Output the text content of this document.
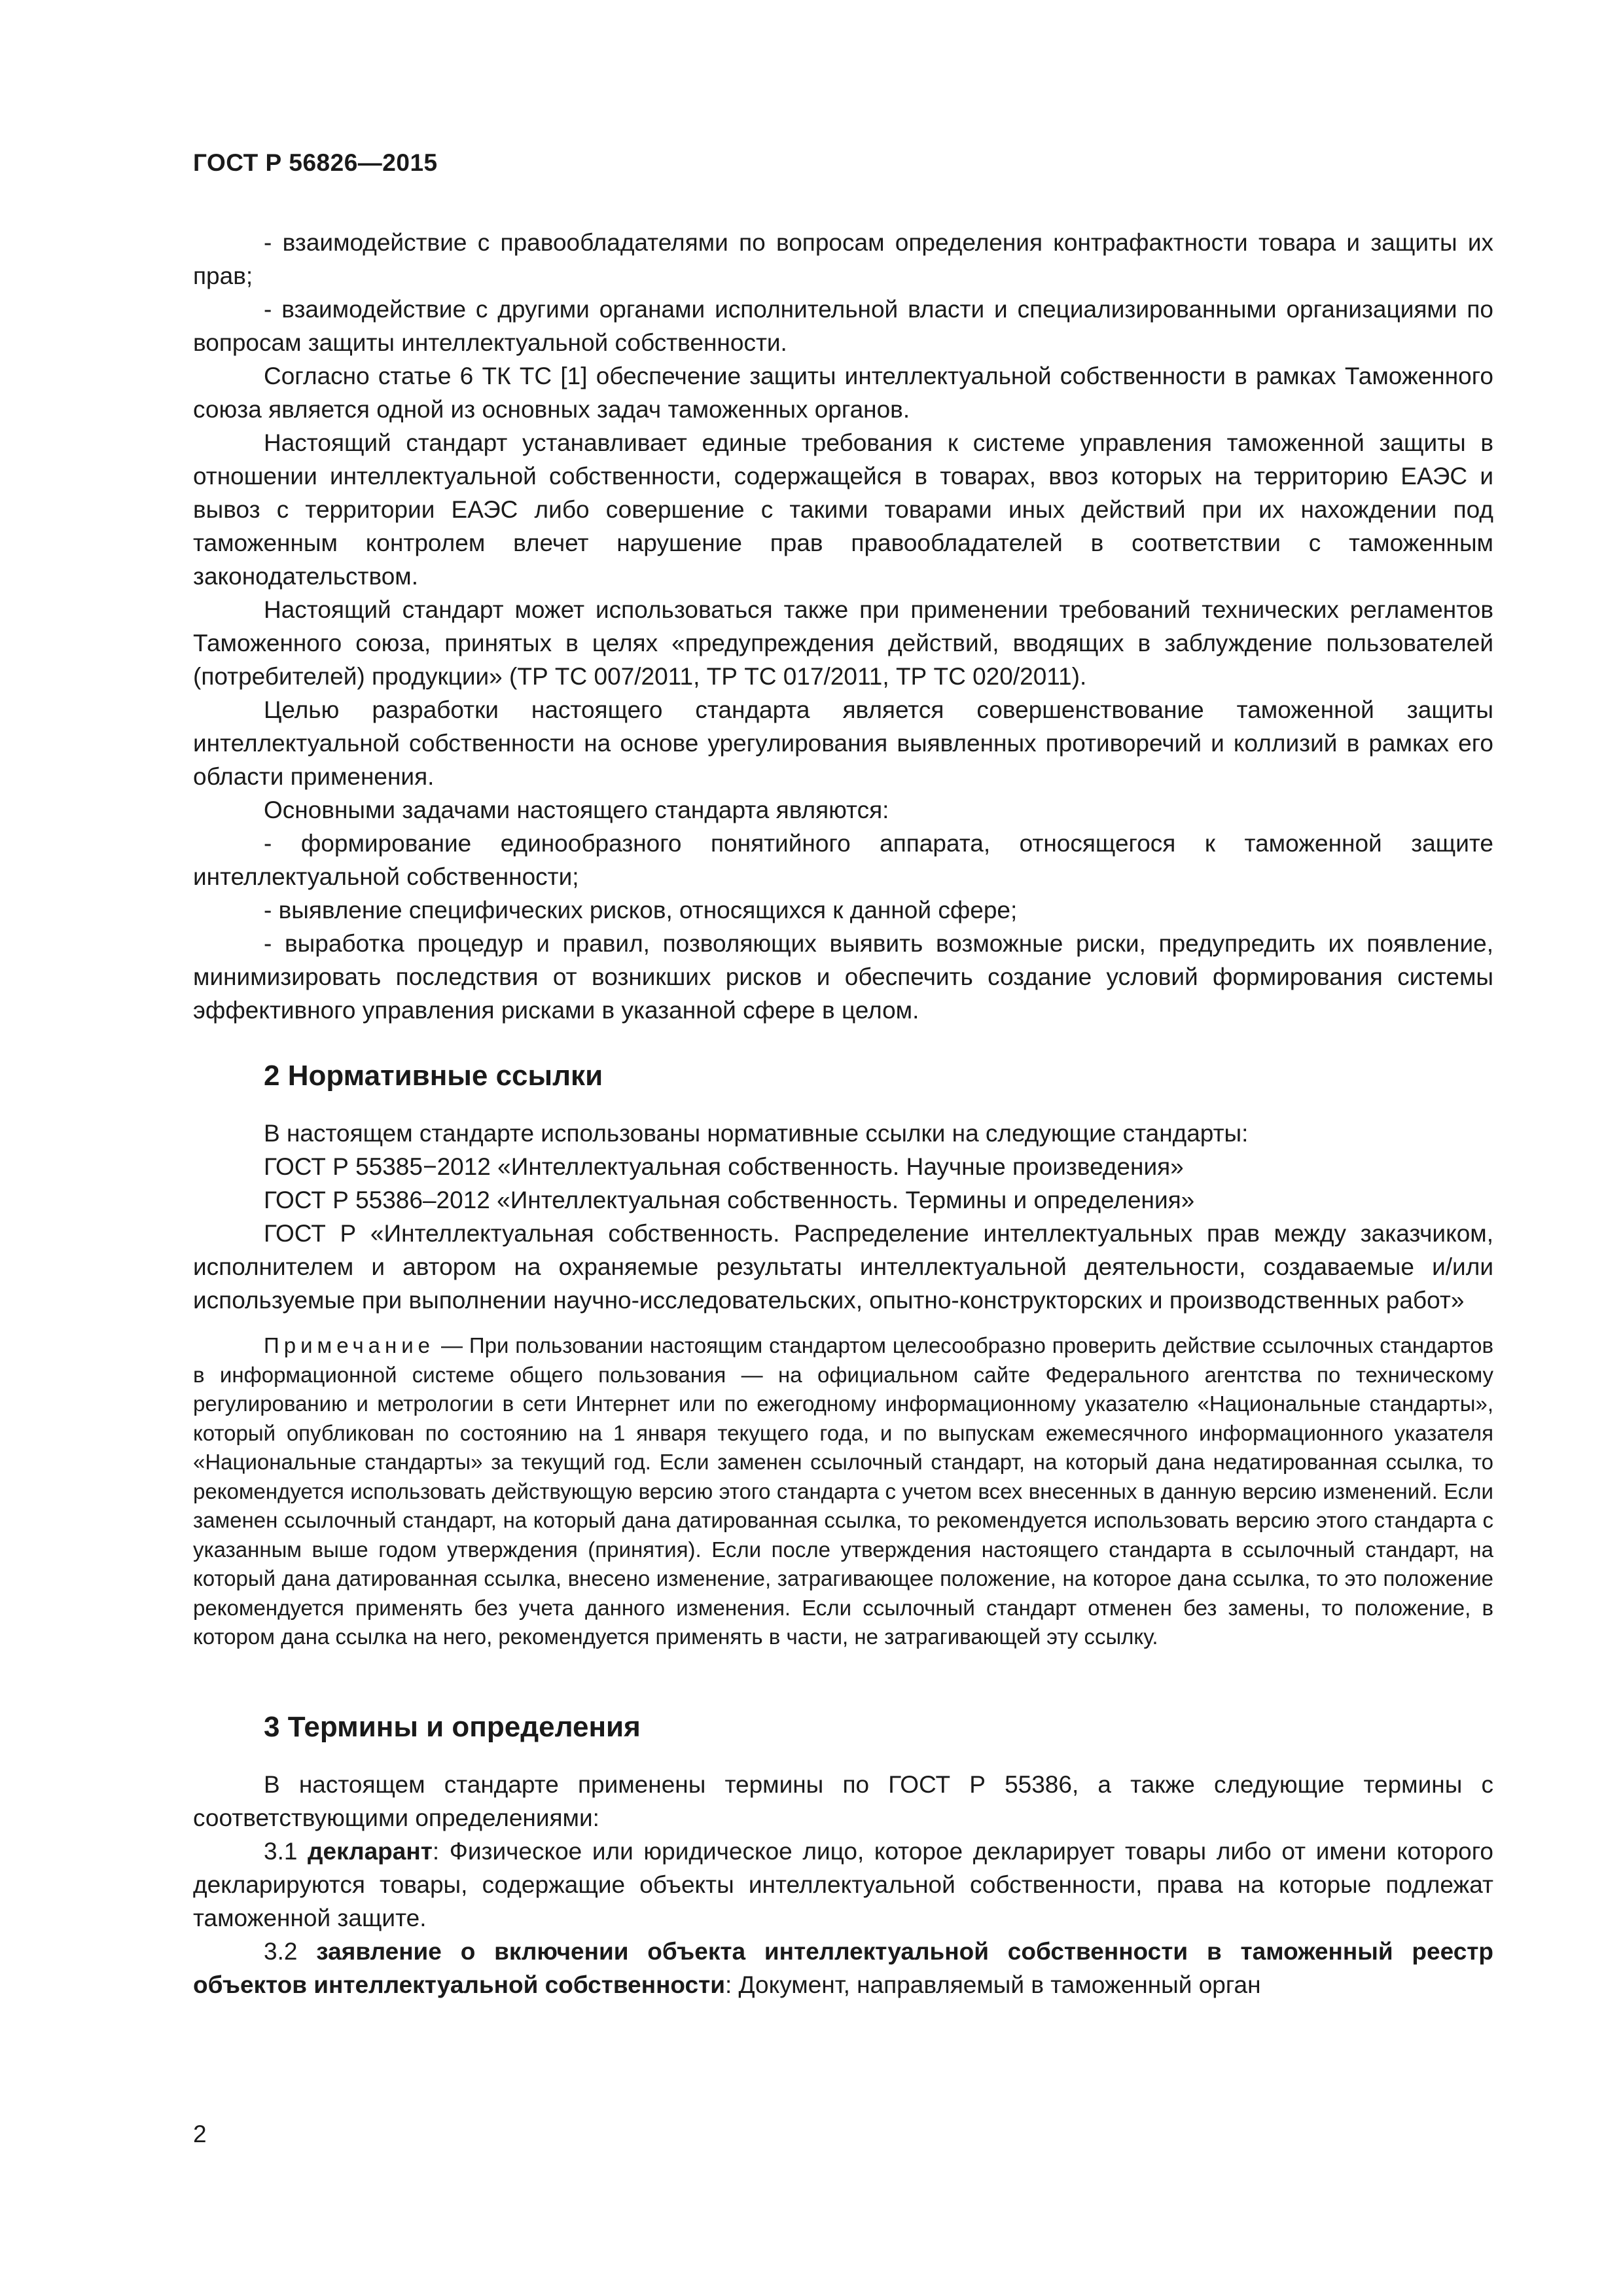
ГОСТ Р 56826—2015

- взаимодействие с правообладателями по вопросам определения контрафактности товара и защиты их прав;

- взаимодействие с другими органами исполнительной власти и специализированными организациями по вопросам защиты интеллектуальной собственности.

Согласно статье 6 ТК ТС [1] обеспечение защиты интеллектуальной собственности в рамках Таможенного союза является одной из основных задач таможенных органов.

Настоящий стандарт устанавливает единые требования к системе управления таможенной защиты в отношении интеллектуальной собственности, содержащейся в товарах, ввоз которых на территорию ЕАЭС и вывоз с территории ЕАЭС либо совершение с такими товарами иных действий при их нахождении под таможенным контролем влечет нарушение прав правообладателей в соответствии с таможенным законодательством.

Настоящий стандарт может использоваться также при применении требований технических регламентов Таможенного союза, принятых в целях «предупреждения действий, вводящих в заблуждение пользователей (потребителей) продукции» (ТР ТС 007/2011, ТР ТС 017/2011, ТР ТС 020/2011).

Целью разработки настоящего стандарта является совершенствование таможенной защиты интеллектуальной собственности на основе урегулирования выявленных противоречий и коллизий в рамках его области применения.

Основными задачами настоящего стандарта являются:

- формирование единообразного понятийного аппарата, относящегося к таможенной защите интеллектуальной собственности;

- выявление специфических рисков, относящихся к данной сфере;

- выработка процедур и правил, позволяющих выявить возможные риски, предупредить их появление, минимизировать последствия от возникших рисков и обеспечить создание условий формирования системы эффективного управления рисками в указанной сфере в целом.

2 Нормативные ссылки

В настоящем стандарте использованы нормативные ссылки на следующие стандарты:

ГОСТ Р 55385−2012 «Интеллектуальная собственность. Научные произведения»

ГОСТ Р 55386–2012 «Интеллектуальная собственность. Термины и определения»

ГОСТ Р «Интеллектуальная собственность. Распределение интеллектуальных прав между заказчиком, исполнителем и автором на охраняемые результаты интеллектуальной деятельности, создаваемые и/или используемые при выполнении научно-исследовательских, опытно-конструкторских и производственных работ»

Примечание — При пользовании настоящим стандартом целесообразно проверить действие ссылочных стандартов в информационной системе общего пользования — на официальном сайте Федерального агентства по техническому регулированию и метрологии в сети Интернет или по ежегодному информационному указателю «Национальные стандарты», который опубликован по состоянию на 1 января текущего года, и по выпускам ежемесячного информационного указателя «Национальные стандарты» за текущий год. Если заменен ссылочный стандарт, на который дана недатированная ссылка, то рекомендуется использовать действующую версию этого стандарта с учетом всех внесенных в данную версию изменений. Если заменен ссылочный стандарт, на который дана датированная ссылка, то рекомендуется использовать версию этого стандарта с указанным выше годом утверждения (принятия). Если после утверждения настоящего стандарта в ссылочный стандарт, на который дана датированная ссылка, внесено изменение, затрагивающее положение, на которое дана ссылка, то это положение рекомендуется применять без учета данного изменения. Если ссылочный стандарт отменен без замены, то положение, в котором дана ссылка на него, рекомендуется применять в части, не затрагивающей эту ссылку.

3 Термины и определения

В настоящем стандарте применены термины по ГОСТ Р 55386, а также следующие термины с соответствующими определениями:

3.1 декларант: Физическое или юридическое лицо, которое декларирует товары либо от имени которого декларируются товары, содержащие объекты интеллектуальной собственности, права на которые подлежат таможенной защите.

3.2 заявление о включении объекта интеллектуальной собственности в таможенный реестр объектов интеллектуальной собственности: Документ, направляемый в таможенный орган

2
